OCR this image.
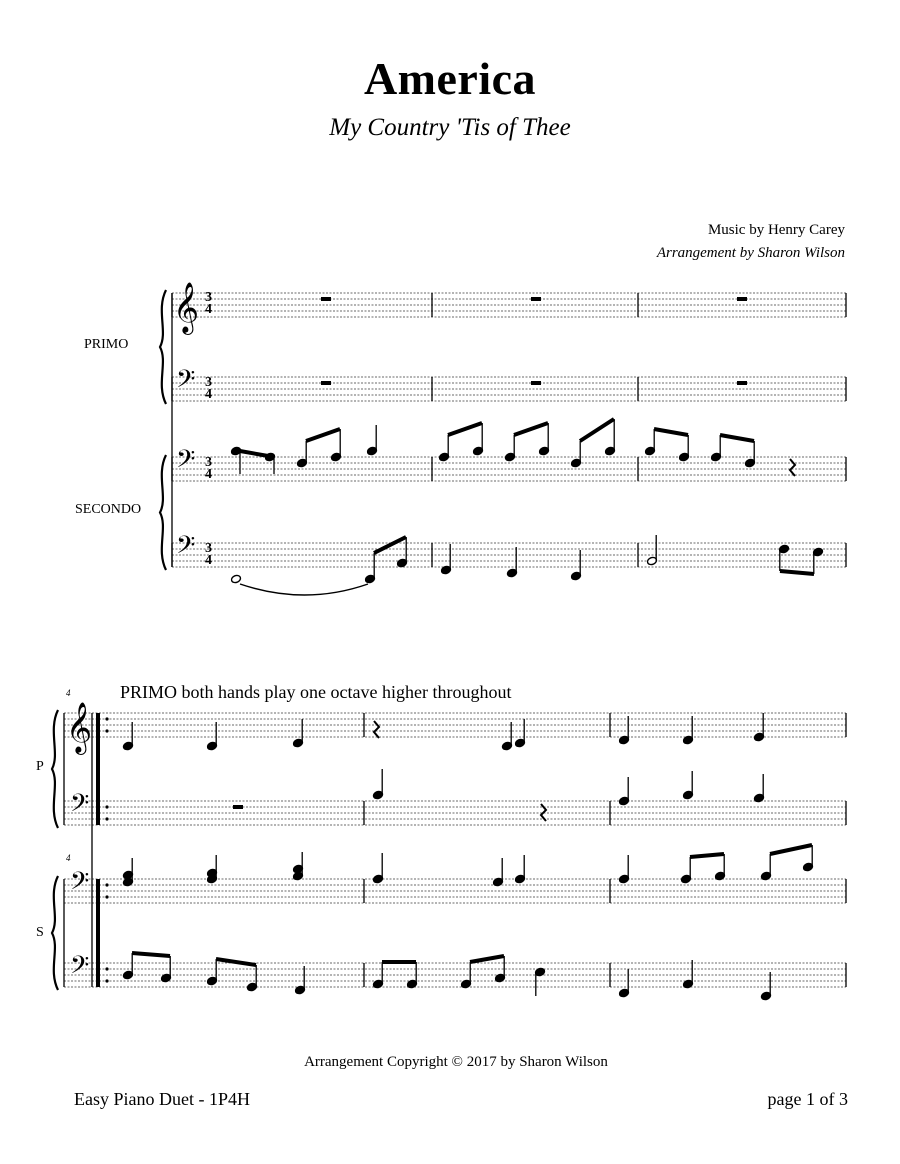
America
My Country 'Tis of Thee
Music by Henry Carey
Arrangement by Sharon Wilson
𝄞
𝄢
𝄢
𝄢
𝄞
𝄢
𝄢
𝄢
3
4
3
4
3
4
3
4
PRIMO
SECONDO
4
4
PRIMO both hands play one octave higher throughout
P
S
Arrangement Copyright © 2017 by Sharon Wilson
Easy Piano Duet - 1P4H	page 1 of 3
